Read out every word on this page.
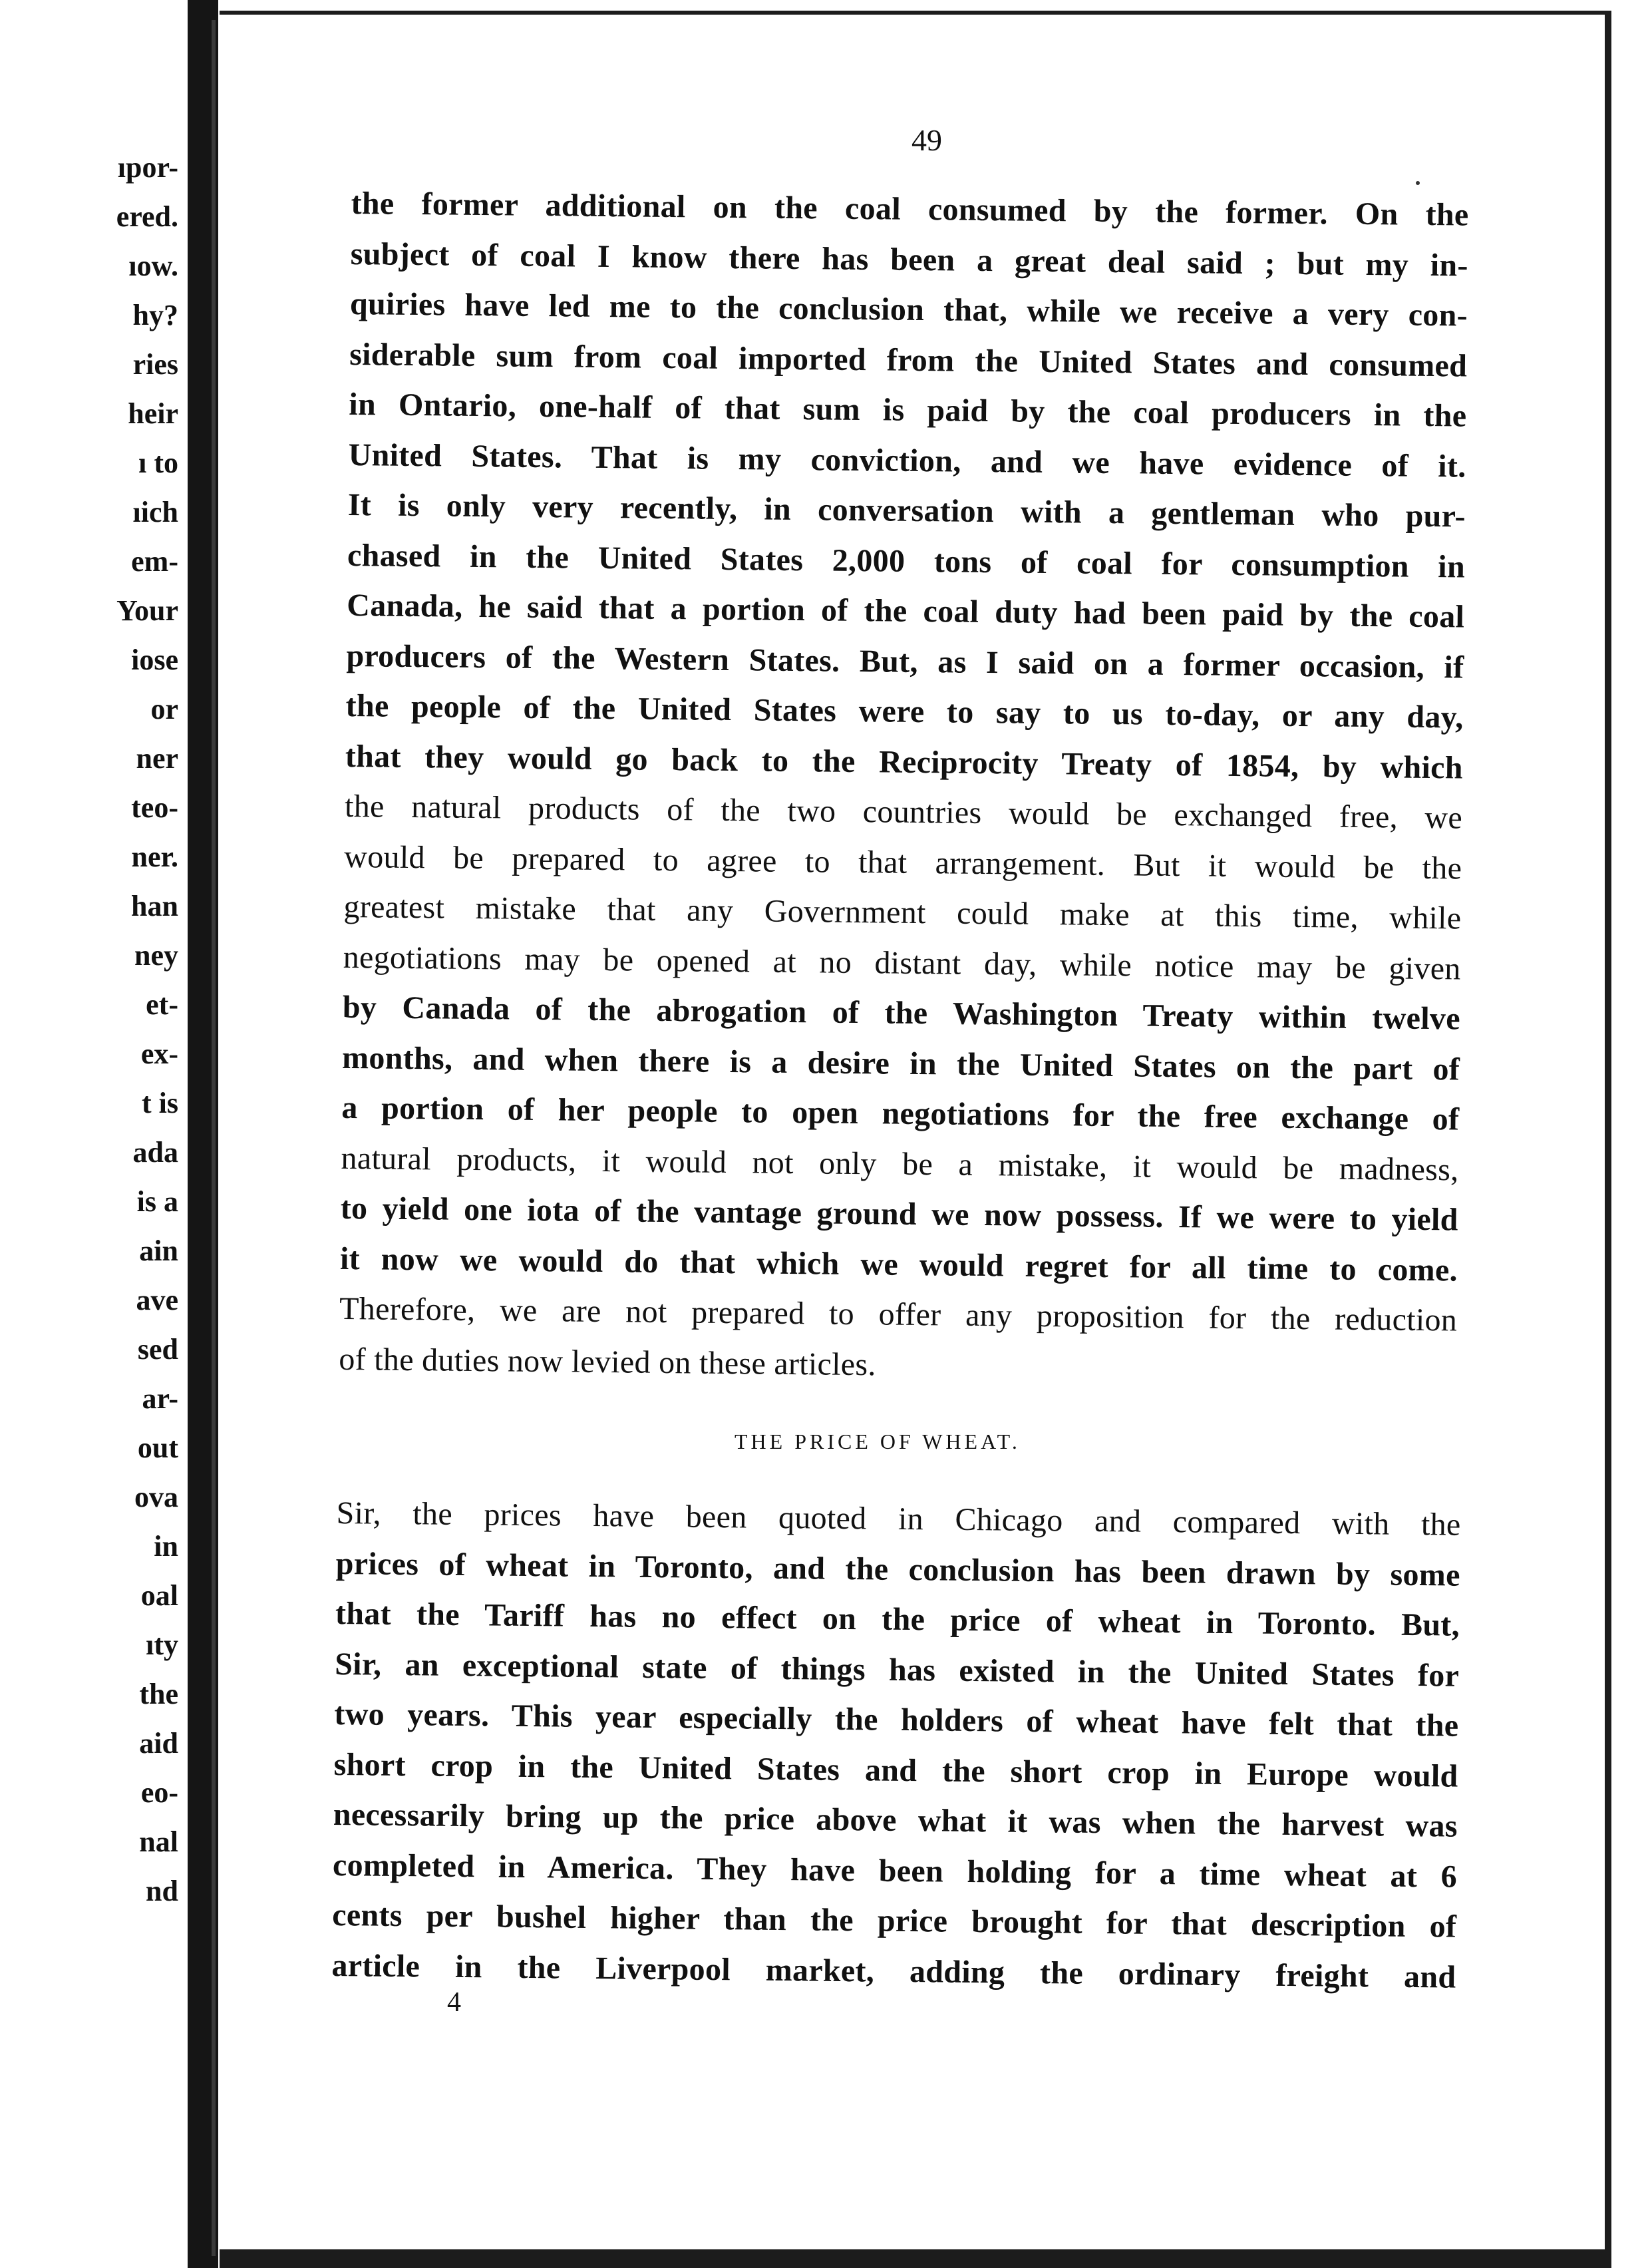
ıpor-
ered.
ıow.
hy?
ries
heir
ı to
ıich
em-
Your
iose
or
ner
teo-
ner.
han
ney
et-
ex-
t is
ada
is a
ain
ave
sed
ar-
out
ova
in
oal
ıty
the
aid
eo-
nal
nd
49
the former additional on the coal consumed by the former. On the
subject of coal I know there has been a great deal said ; but my in-
quiries have led me to the conclusion that, while we receive a very con-
siderable sum from coal imported from the United States and consumed
in Ontario, one-half of that sum is paid by the coal producers in the
United States. That is my conviction, and we have evidence of it.
It is only very recently, in conversation with a gentleman who pur-
chased in the United States 2,000 tons of coal for consumption in
Canada, he said that a portion of the coal duty had been paid by the coal
producers of the Western States. But, as I said on a former occasion, if
the people of the United States were to say to us to-day, or any day,
that they would go back to the Reciprocity Treaty of 1854, by which
the natural products of the two countries would be exchanged free, we
would be prepared to agree to that arrangement. But it would be the
greatest mistake that any Government could make at this time, while
negotiations may be opened at no distant day, while notice may be given
by Canada of the abrogation of the Washington Treaty within twelve
months, and when there is a desire in the United States on the part of
a portion of her people to open negotiations for the free exchange of
natural products, it would not only be a mistake, it would be madness,
to yield one iota of the vantage ground we now possess. If we were to yield
it now we would do that which we would regret for all time to come.
Therefore, we are not prepared to offer any proposition for the reduction
of the duties now levied on these articles.
THE PRICE OF WHEAT.
Sir, the prices have been quoted in Chicago and compared with the
prices of wheat in Toronto, and the conclusion has been drawn by some
that the Tariff has no effect on the price of wheat in Toronto. But,
Sir, an exceptional state of things has existed in the United States for
two years. This year especially the holders of wheat have felt that the
short crop in the United States and the short crop in Europe would
necessarily bring up the price above what it was when the harvest was
completed in America. They have been holding for a time wheat at 6
cents per bushel higher than the price brought for that description of
article in the Liverpool market, adding the ordinary freight and
4
